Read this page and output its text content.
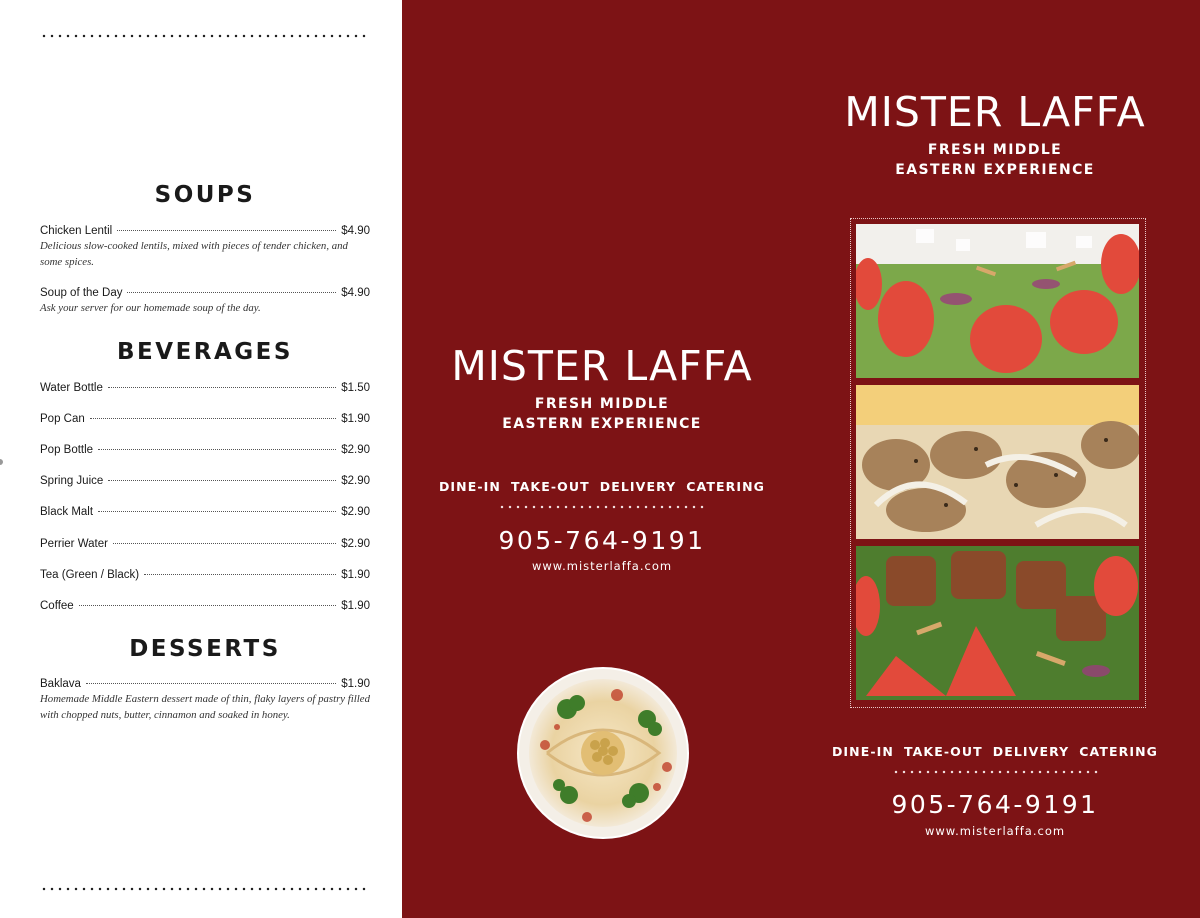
SOUPS
Chicken Lentil	$4.90
Delicious slow-cooked lentils, mixed with pieces of tender chicken, and some spices.
Soup of the Day	$4.90
Ask your server for our homemade soup of the day.
BEVERAGES
Water Bottle	$1.50
Pop Can	$1.90
Pop Bottle	$2.90
Spring Juice	$2.90
Black Malt	$2.90
Perrier Water	$2.90
Tea (Green / Black)	$1.90
Coffee	$1.90
DESSERTS
Baklava	$1.90
Homemade Middle Eastern dessert made of thin, flaky layers of pastry filled with chopped nuts, butter, cinnamon and soaked in honey.
MISTER LAFFA
FRESH MIDDLE
EASTERN EXPERIENCE
DINE-IN TAKE-OUT DELIVERY CATERING
905-764-9191
www.misterlaffa.com
MISTER LAFFA
FRESH MIDDLE
EASTERN EXPERIENCE
DINE-IN TAKE-OUT DELIVERY CATERING
905-764-9191
www.misterlaffa.com
